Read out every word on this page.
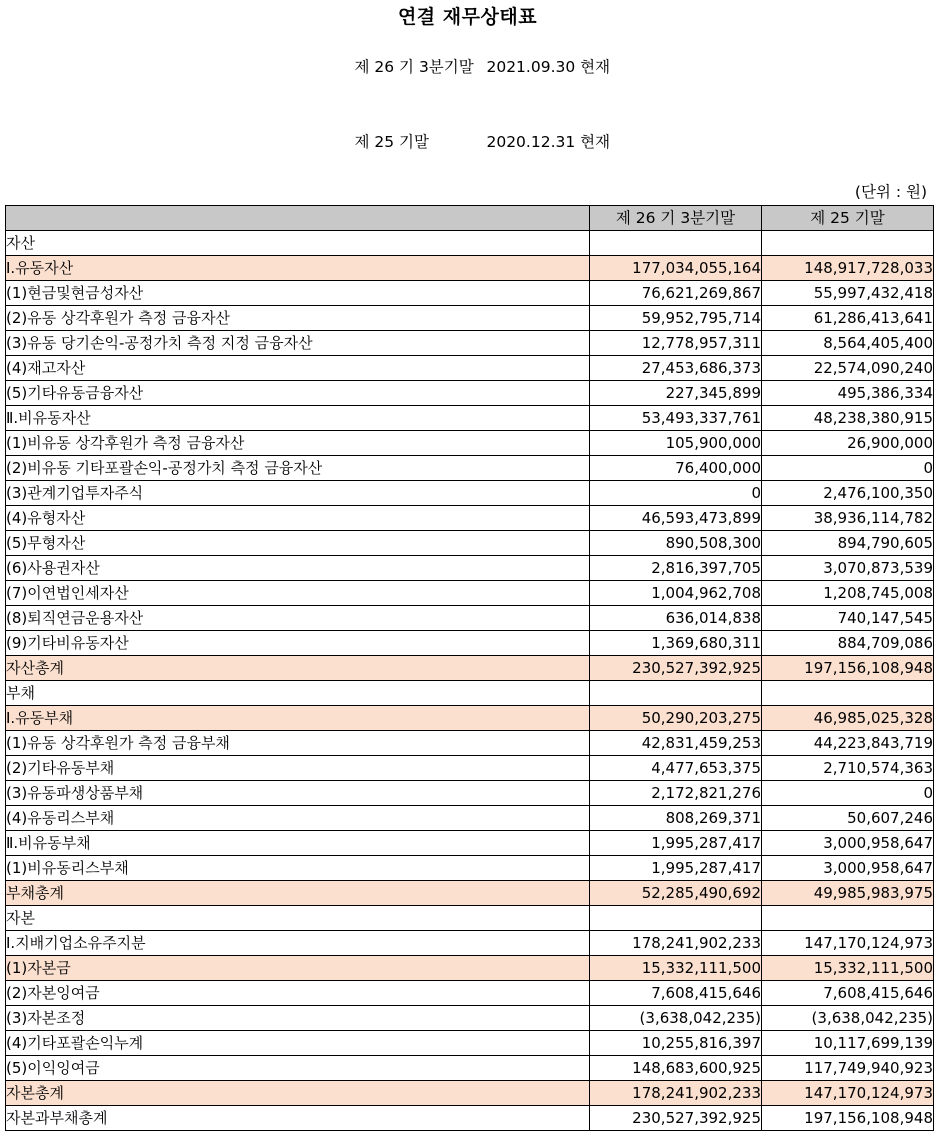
연결 재무상태표

제 26 기 3분기말 2021.09.30 현재

제 25 기말	2020.12.31 현재

(단위 : 원)
	제 26 기 3분기말	제 25 기말
자산		
Ⅰ.유동자산	177,034,055,164	148,917,728,033
(1)현금및현금성자산	76,621,269,867	55,997,432,418
(2)유동 상각후원가 측정 금융자산	59,952,795,714	61,286,413,641
(3)유동 당기손익-공정가치 측정 지정 금융자산	12,778,957,311	8,564,405,400
(4)재고자산	27,453,686,373	22,574,090,240
(5)기타유동금융자산	227,345,899	495,386,334
Ⅱ.비유동자산	53,493,337,761	48,238,380,915
(1)비유동 상각후원가 측정 금융자산	105,900,000	26,900,000
(2)비유동 기타포괄손익-공정가치 측정 금융자산	76,400,000	0
(3)관계기업투자주식	0	2,476,100,350
(4)유형자산	46,593,473,899	38,936,114,782
(5)무형자산	890,508,300	894,790,605
(6)사용권자산	2,816,397,705	3,070,873,539
(7)이연법인세자산	1,004,962,708	1,208,745,008
(8)퇴직연금운용자산	636,014,838	740,147,545
(9)기타비유동자산	1,369,680,311	884,709,086
자산총계	230,527,392,925	197,156,108,948
부채		
Ⅰ.유동부채	50,290,203,275	46,985,025,328
(1)유동 상각후원가 측정 금융부채	42,831,459,253	44,223,843,719
(2)기타유동부채	4,477,653,375	2,710,574,363
(3)유동파생상품부채	2,172,821,276	0
(4)유동리스부채	808,269,371	50,607,246
Ⅱ.비유동부채	1,995,287,417	3,000,958,647
(1)비유동리스부채	1,995,287,417	3,000,958,647
부채총계	52,285,490,692	49,985,983,975
자본		
Ⅰ.지배기업소유주지분	178,241,902,233	147,170,124,973
(1)자본금	15,332,111,500	15,332,111,500
(2)자본잉여금	7,608,415,646	7,608,415,646
(3)자본조정	(3,638,042,235)	(3,638,042,235)
(4)기타포괄손익누계	10,255,816,397	10,117,699,139
(5)이익잉여금	148,683,600,925	117,749,940,923
자본총계	178,241,902,233	147,170,124,973
자본과부채총계	230,527,392,925	197,156,108,948
